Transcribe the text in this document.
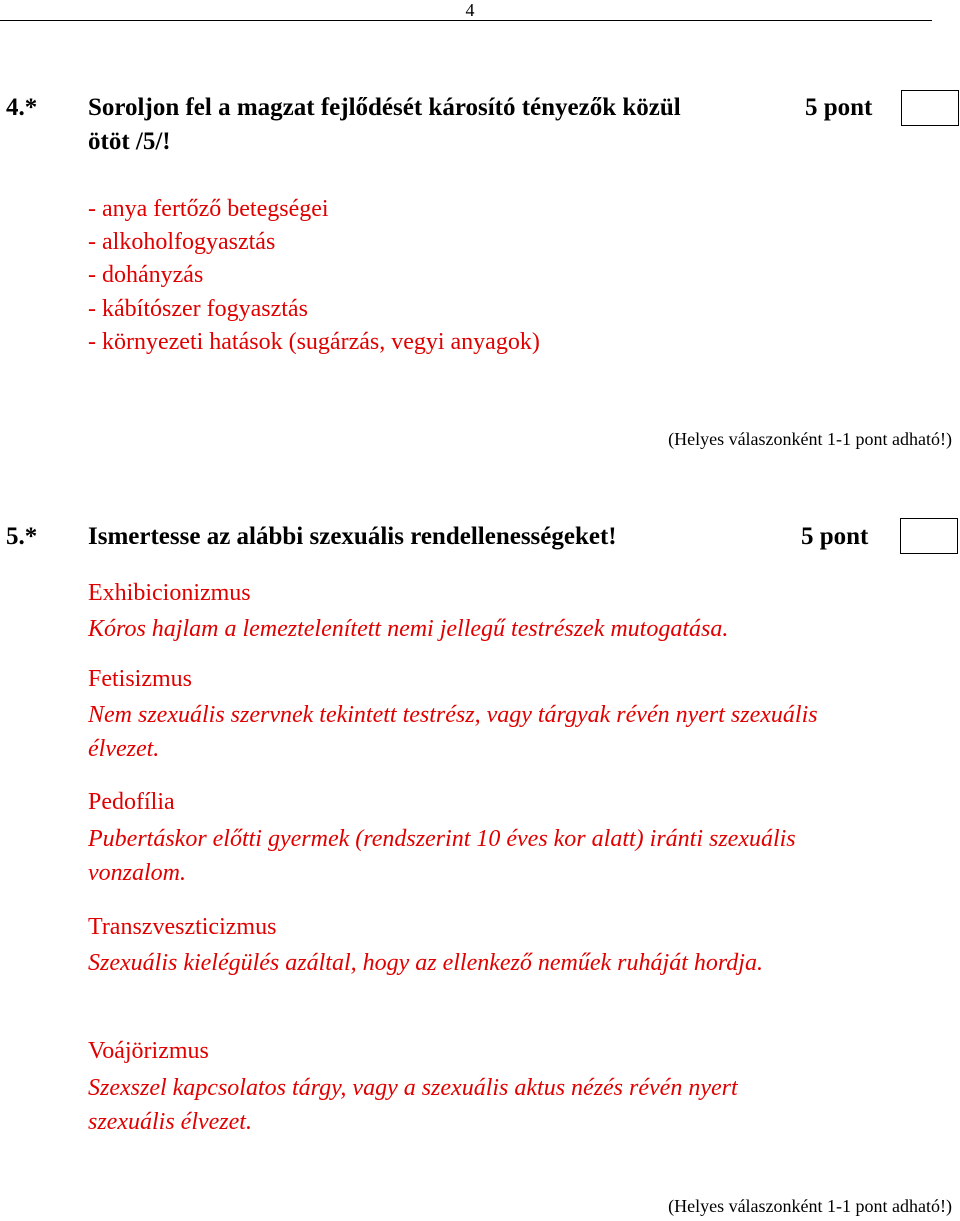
4
4.* Soroljon fel a magzat fejlődését károsító tényezők közül
ötöt /5/!
5 pont
- anya fertőző betegségei
- alkoholfogyasztás
- dohányzás
- kábítószer fogyasztás
- környezeti hatások (sugárzás, vegyi anyagok)
(Helyes válaszonként 1-1 pont adható!)
5.* Ismertesse az alábbi szexuális rendellenességeket!	5 pont
Exhibicionizmus
Kóros hajlam a lemeztelenített nemi jellegű testrészek mutogatása.
Fetisizmus
Nem szexuális szervnek tekintett testrész, vagy tárgyak révén nyert szexuális élvezet.
Pedofília
Pubertáskor előtti gyermek (rendszerint 10 éves kor alatt) iránti szexuális vonzalom.
Transzveszticizmus
Szexuális kielégülés azáltal, hogy az ellenkező neműek ruháját hordja.
Voájörizmus
Szexszel kapcsolatos tárgy, vagy a szexuális aktus nézés révén nyert szexuális élvezet.
(Helyes válaszonként 1-1 pont adható!)
